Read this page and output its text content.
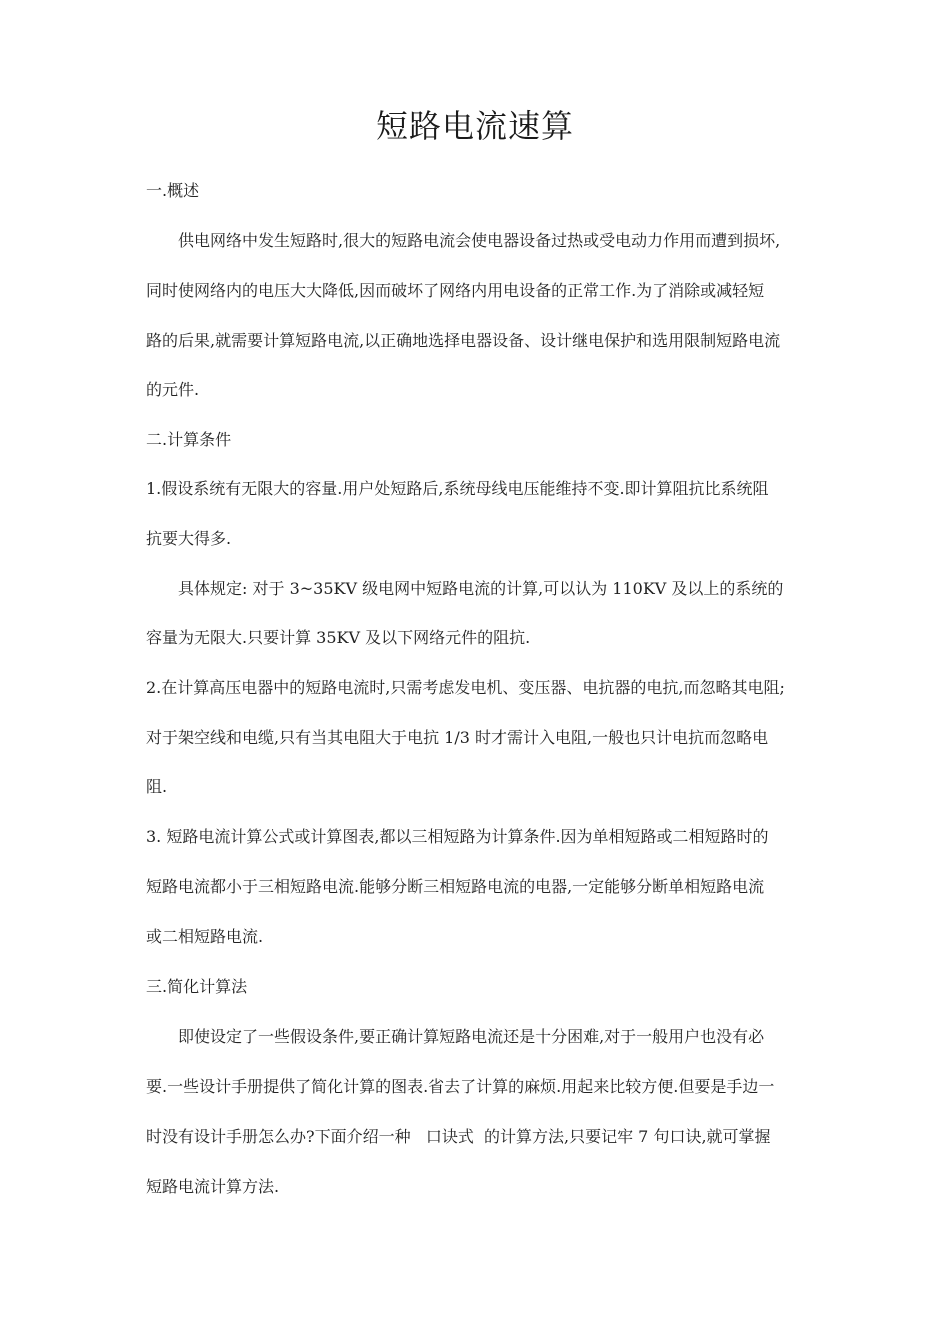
短路电流速算
一.概述
供电网络中发生短路时,很大的短路电流会使电器设备过热或受电动力作用而遭到损坏,
同时使网络内的电压大大降低,因而破坏了网络内用电设备的正常工作.为了消除或减轻短
路的后果,就需要计算短路电流,以正确地选择电器设备、设计继电保护和选用限制短路电流
的元件.
二.计算条件
1.假设系统有无限大的容量.用户处短路后,系统母线电压能维持不变.即计算阻抗比系统阻
抗要大得多.
具体规定: 对于 3~35KV 级电网中短路电流的计算,可以认为 110KV 及以上的系统的
容量为无限大.只要计算 35KV 及以下网络元件的阻抗.
2.在计算高压电器中的短路电流时,只需考虑发电机、变压器、电抗器的电抗,而忽略其电阻;
对于架空线和电缆,只有当其电阻大于电抗 1/3 时才需计入电阻,一般也只计电抗而忽略电
阻.
3. 短路电流计算公式或计算图表,都以三相短路为计算条件.因为单相短路或二相短路时的
短路电流都小于三相短路电流.能够分断三相短路电流的电器,一定能够分断单相短路电流
或二相短路电流.
三.简化计算法
即使设定了一些假设条件,要正确计算短路电流还是十分困难,对于一般用户也没有必
要.一些设计手册提供了简化计算的图表.省去了计算的麻烦.用起来比较方便.但要是手边一
时没有设计手册怎么办?下面介绍一种   口诀式  的计算方法,只要记牢 7 句口诀,就可掌握
短路电流计算方法.
